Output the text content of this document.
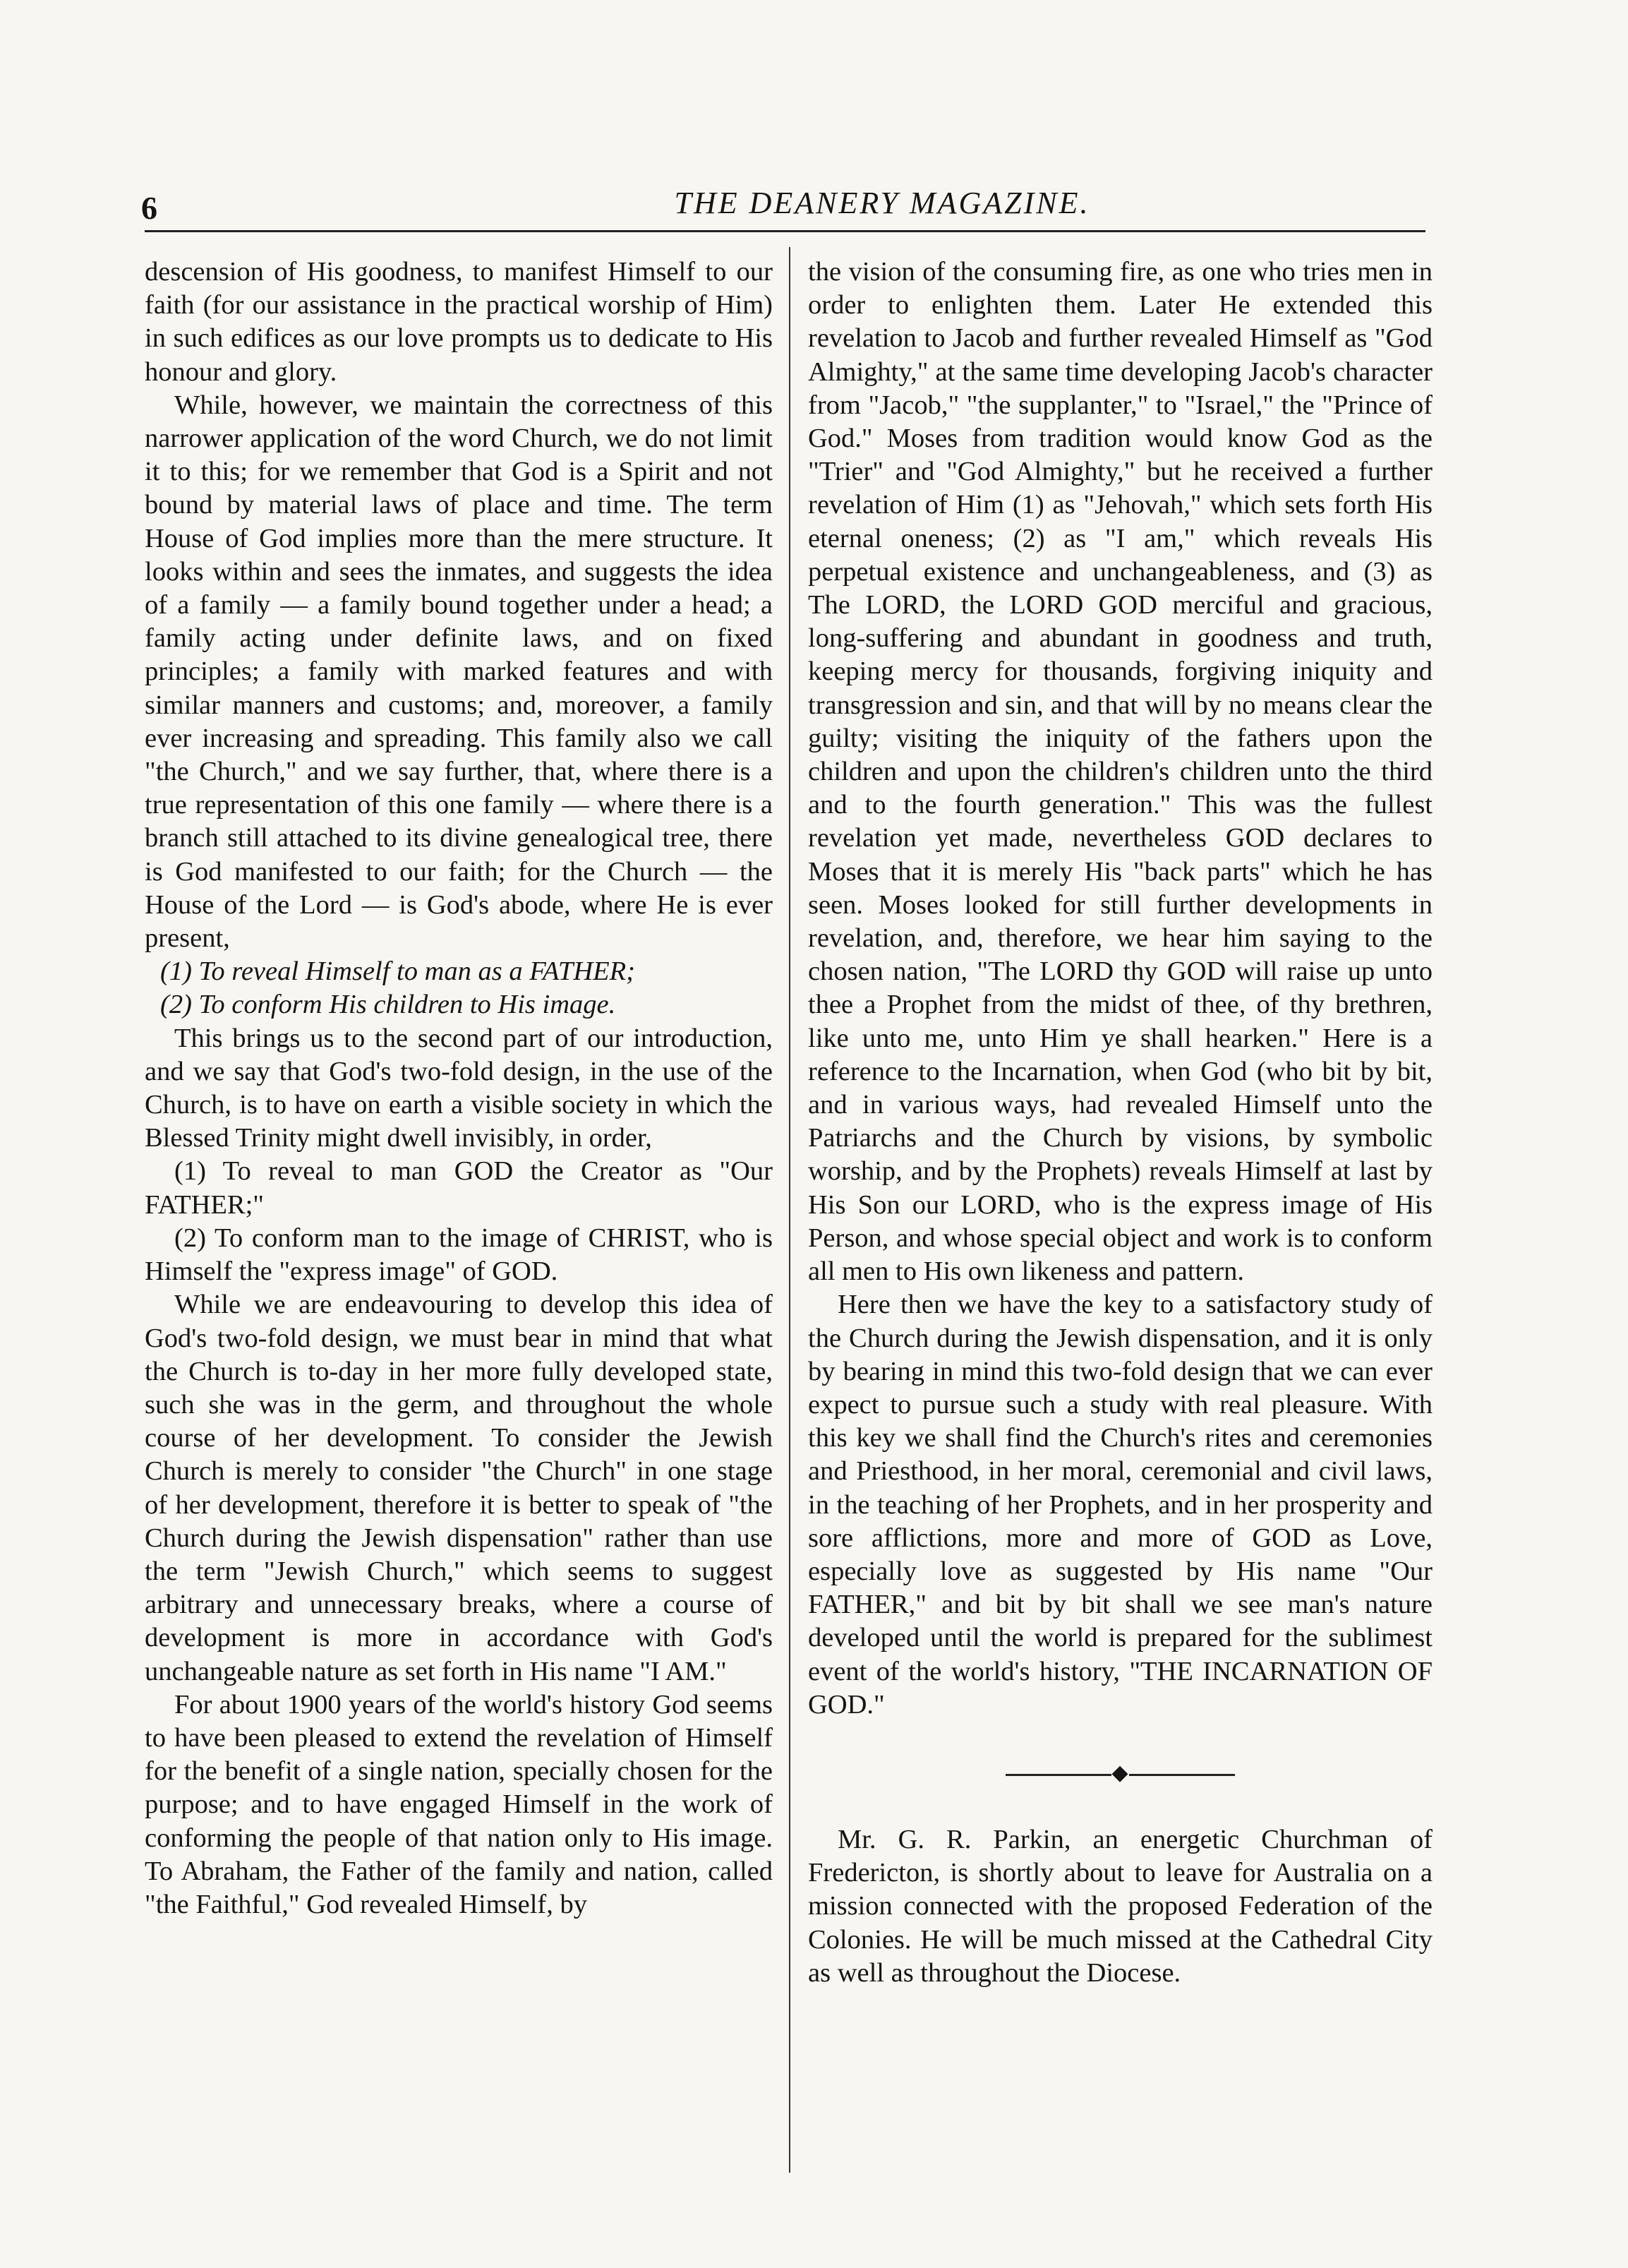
6	THE DEANERY MAGAZINE.

descension of His goodness, to manifest Himself to our faith (for our assistance in the practical worship of Him) in such edifices as our love prompts us to dedicate to His honour and glory.

While, however, we maintain the correctness of this narrower application of the word Church, we do not limit it to this; for we remember that God is a Spirit and not bound by material laws of place and time. The term House of God implies more than the mere structure. It looks within and sees the inmates, and suggests the idea of a family — a family bound together under a head; a family acting under definite laws, and on fixed principles; a family with marked features and with similar manners and customs; and, moreover, a family ever increasing and spreading. This family also we call "the Church," and we say further, that, where there is a true representation of this one family — where there is a branch still attached to its divine genealogical tree, there is God manifested to our faith; for the Church — the House of the Lord — is God's abode, where He is ever present,

(1) To reveal Himself to man as a FATHER;

(2) To conform His children to His image.

This brings us to the second part of our introduction, and we say that God's two-fold design, in the use of the Church, is to have on earth a visible society in which the Blessed Trinity might dwell invisibly, in order,

(1) To reveal to man GOD the Creator as "Our FATHER;"

(2) To conform man to the image of CHRIST, who is Himself the "express image" of GOD.

While we are endeavouring to develop this idea of God's two-fold design, we must bear in mind that what the Church is to-day in her more fully developed state, such she was in the germ, and throughout the whole course of her development. To consider the Jewish Church is merely to consider "the Church" in one stage of her development, therefore it is better to speak of "the Church during the Jewish dispensation" rather than use the term "Jewish Church," which seems to suggest arbitrary and unnecessary breaks, where a course of development is more in accordance with God's unchangeable nature as set forth in His name "I AM."

For about 1900 years of the world's history God seems to have been pleased to extend the revelation of Himself for the benefit of a single nation, specially chosen for the purpose; and to have engaged Himself in the work of conforming the people of that nation only to His image. To Abraham, the Father of the family and nation, called "the Faithful," God revealed Himself, by

the vision of the consuming fire, as one who tries men in order to enlighten them. Later He extended this revelation to Jacob and further revealed Himself as "God Almighty," at the same time developing Jacob's character from "Jacob," "the supplanter," to "Israel," the "Prince of God." Moses from tradition would know God as the "Trier" and "God Almighty," but he received a further revelation of Him (1) as "Jehovah," which sets forth His eternal oneness; (2) as "I am," which reveals His perpetual existence and unchangeableness, and (3) as The LORD, the LORD GOD merciful and gracious, long-suffering and abundant in goodness and truth, keeping mercy for thousands, forgiving iniquity and transgression and sin, and that will by no means clear the guilty; visiting the iniquity of the fathers upon the children and upon the children's children unto the third and to the fourth generation." This was the fullest revelation yet made, nevertheless GOD declares to Moses that it is merely His "back parts" which he has seen. Moses looked for still further developments in revelation, and, therefore, we hear him saying to the chosen nation, "The LORD thy GOD will raise up unto thee a Prophet from the midst of thee, of thy brethren, like unto me, unto Him ye shall hearken." Here is a reference to the Incarnation, when God (who bit by bit, and in various ways, had revealed Himself unto the Patriarchs and the Church by visions, by symbolic worship, and by the Prophets) reveals Himself at last by His Son our LORD, who is the express image of His Person, and whose special object and work is to conform all men to His own likeness and pattern.

Here then we have the key to a satisfactory study of the Church during the Jewish dispensation, and it is only by bearing in mind this two-fold design that we can ever expect to pursue such a study with real pleasure. With this key we shall find the Church's rites and ceremonies and Priesthood, in her moral, ceremonial and civil laws, in the teaching of her Prophets, and in her prosperity and sore afflictions, more and more of GOD as Love, especially love as suggested by His name "Our FATHER," and bit by bit shall we see man's nature developed until the world is prepared for the sublimest event of the world's history, "THE INCARNATION OF GOD."

◆

Mr. G. R. Parkin, an energetic Churchman of Fredericton, is shortly about to leave for Australia on a mission connected with the proposed Federation of the Colonies. He will be much missed at the Cathedral City as well as throughout the Diocese.
